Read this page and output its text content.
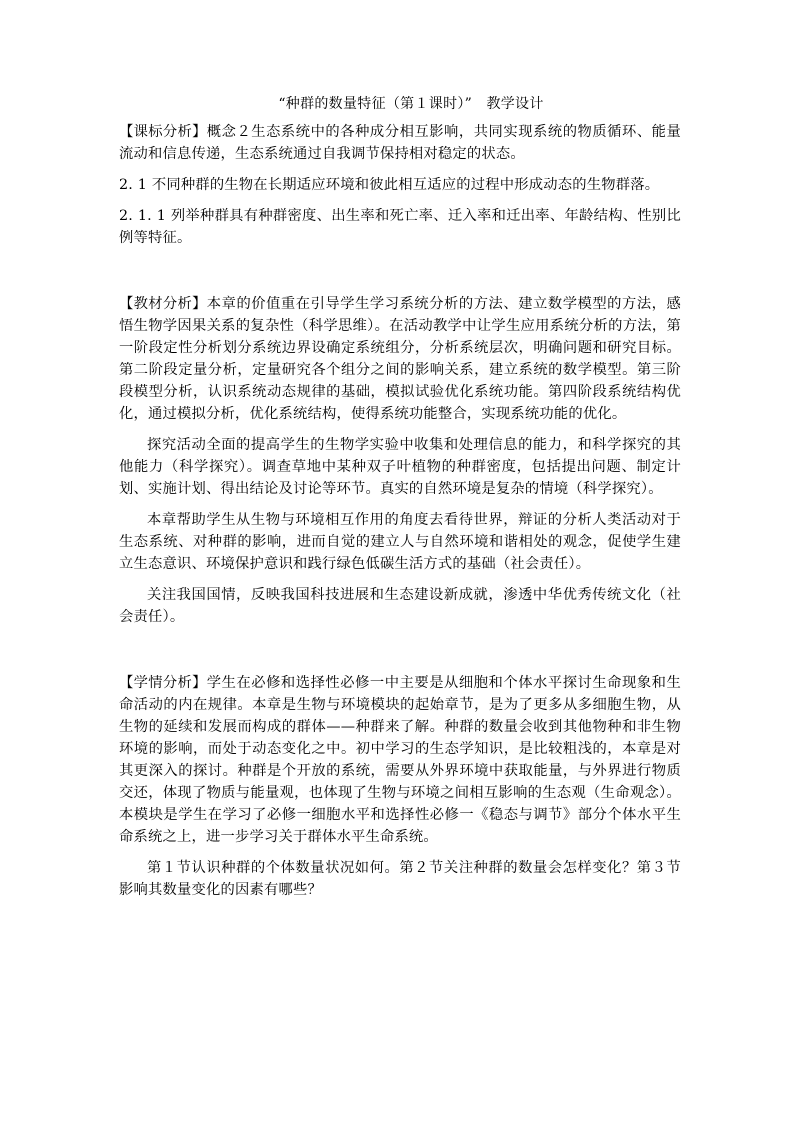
“种群的数量特征（第１课时）”　教学设计

【课标分析】概念２生态系统中的各种成分相互影响，共同实现系统的物质循环、能量流动和信息传递，生态系统通过自我调节保持相对稳定的状态。

2. 1 不同种群的生物在长期适应环境和彼此相互适应的过程中形成动态的生物群落。

2. 1. 1 列举种群具有种群密度、出生率和死亡率、迁入率和迁出率、年龄结构、性别比例等特征。

【教材分析】本章的价值重在引导学生学习系统分析的方法、建立数学模型的方法，感悟生物学因果关系的复杂性（科学思维）。在活动教学中让学生应用系统分析的方法，第一阶段定性分析划分系统边界设确定系统组分，分析系统层次，明确问题和研究目标。第二阶段定量分析，定量研究各个组分之间的影响关系，建立系统的数学模型。第三阶段模型分析，认识系统动态规律的基础，模拟试验优化系统功能。第四阶段系统结构优化，通过模拟分析，优化系统结构，使得系统功能整合，实现系统功能的优化。

探究活动全面的提高学生的生物学实验中收集和处理信息的能力，和科学探究的其他能力（科学探究）。调查草地中某种双子叶植物的种群密度，包括提出问题、制定计划、实施计划、得出结论及讨论等环节。真实的自然环境是复杂的情境（科学探究）。

本章帮助学生从生物与环境相互作用的角度去看待世界，辩证的分析人类活动对于生态系统、对种群的影响，进而自觉的建立人与自然环境和谐相处的观念，促使学生建立生态意识、环境保护意识和践行绿色低碳生活方式的基础（社会责任）。

关注我国国情，反映我国科技进展和生态建设新成就，渗透中华优秀传统文化（社会责任）。

【学情分析】学生在必修和选择性必修一中主要是从细胞和个体水平探讨生命现象和生命活动的内在规律。本章是生物与环境模块的起始章节，是为了更多从多细胞生物，从生物的延续和发展而构成的群体——种群来了解。种群的数量会收到其他物种和非生物环境的影响，而处于动态变化之中。初中学习的生态学知识，是比较粗浅的，本章是对其更深入的探讨。种群是个开放的系统，需要从外界环境中获取能量，与外界进行物质交还，体现了物质与能量观，也体现了生物与环境之间相互影响的生态观（生命观念）。本模块是学生在学习了必修一细胞水平和选择性必修一《稳态与调节》部分个体水平生命系统之上，进一步学习关于群体水平生命系统。

第１节认识种群的个体数量状况如何。第２节关注种群的数量会怎样变化？第３节影响其数量变化的因素有哪些？
